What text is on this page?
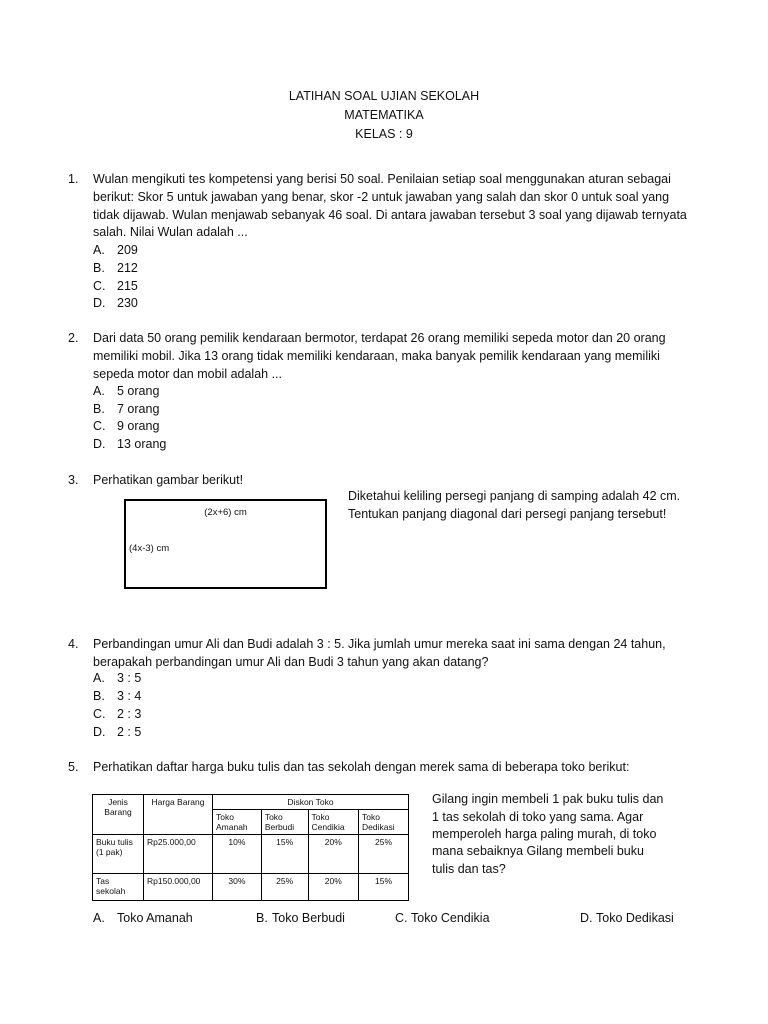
LATIHAN SOAL UJIAN SEKOLAH
MATEMATIKA
KELAS : 9
1.	Wulan mengikuti tes kompetensi yang berisi 50 soal. Penilaian setiap soal menggunakan aturan sebagai
berikut: Skor 5 untuk jawaban yang benar, skor -2 untuk jawaban yang salah dan skor 0 untuk soal yang
tidak dijawab. Wulan menjawab sebanyak 46 soal. Di antara jawaban tersebut 3 soal yang dijawab ternyata
salah. Nilai Wulan adalah ...
A. 209
B. 212
C. 215
D. 230
2.	Dari data 50 orang pemilik kendaraan bermotor, terdapat 26 orang memiliki sepeda motor dan 20 orang
memiliki mobil. Jika 13 orang tidak memiliki kendaraan, maka banyak pemilik kendaraan yang memiliki
sepeda motor dan mobil adalah ...
A. 5 orang
B. 7 orang
C. 9 orang
D. 13 orang
3.	Perhatikan gambar berikut!
(2x+6) cm
(4x-3) cm
Diketahui keliling persegi panjang di samping adalah 42 cm.
Tentukan panjang diagonal dari persegi panjang tersebut!
4.	Perbandingan umur Ali dan Budi adalah 3 : 5. Jika jumlah umur mereka saat ini sama dengan 24 tahun,
berapakah perbandingan umur Ali dan Budi 3 tahun yang akan datang?
A. 3 : 5
B. 3 : 4
C. 2 : 3
D. 2 : 5
5.	Perhatikan daftar harga buku tulis dan tas sekolah dengan merek sama di beberapa toko berikut:
Jenis Barang	Harga Barang	Diskon Toko			
		Toko Amanah	Toko Berbudi	Toko Cendikia	Toko Dedikasi
Buku tulis (1 pak)	Rp25.000,00	10%	15%	20%	25%
Tas sekolah	Rp150.000,00	30%	25%	20%	15%
Gilang ingin membeli 1 pak buku tulis dan
1 tas sekolah di toko yang sama. Agar
memperoleh harga paling murah, di toko
mana sebaiknya Gilang membeli buku
tulis dan tas?
A. Toko Amanah	B. Toko Berbudi	C. Toko Cendikia	D. Toko Dedikasi
